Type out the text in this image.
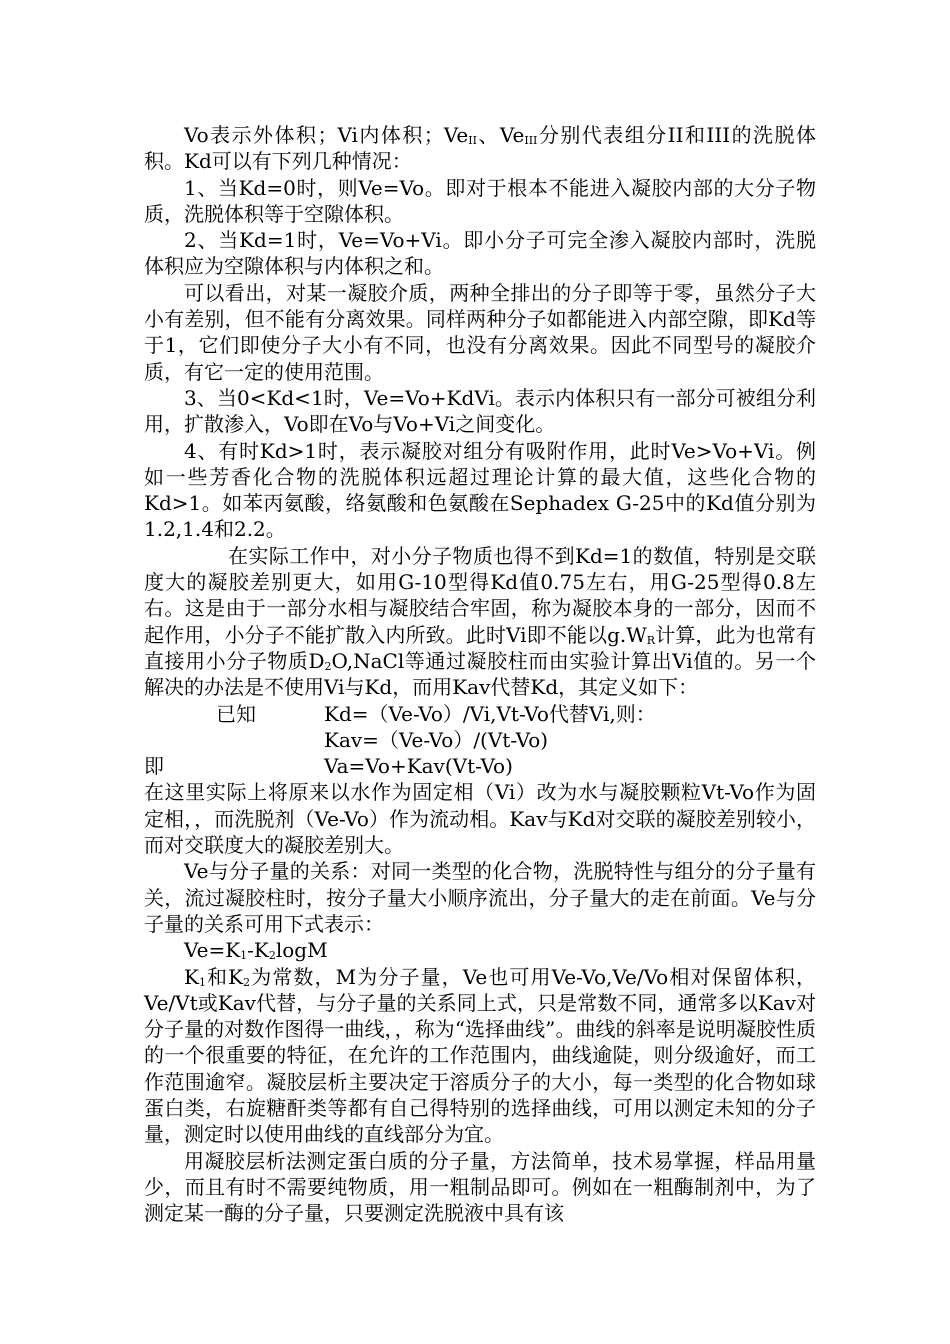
Vo表示外体积；Vi内体积；$Ve_{II}$、$Ve_{III}$分别代表组分II和III的洗脱体积。Kd可以有下列几种情况：

1、当Kd=0时，则Ve=Vo。即对于根本不能进入凝胶内部的大分子物质，洗脱体积等于空隙体积。

2、当Kd=1时，Ve=Vo+Vi。即小分子可完全渗入凝胶内部时，洗脱体积应为空隙体积与内体积之和。

可以看出，对某一凝胶介质，两种全排出的分子即等于零，虽然分子大小有差别，但不能有分离效果。同样两种分子如都能进入内部空隙，即Kd等于1，它们即使分子大小有不同，也没有分离效果。因此不同型号的凝胶介质，有它一定的使用范围。

3、当0<Kd<1时，Ve=Vo+KdVi。表示内体积只有一部分可被组分利用，扩散渗入，Vo即在Vo与Vo+Vi之间变化。

4、有时Kd>1时，表示凝胶对组分有吸附作用，此时Ve>Vo+Vi。例如一些芳香化合物的洗脱体积远超过理论计算的最大值，这些化合物的Kd>1。如苯丙氨酸，络氨酸和色氨酸在Sephadex G-25中的Kd值分别为1.2,1.4和2.2。

在实际工作中，对小分子物质也得不到Kd=1的数值，特别是交联度大的凝胶差别更大，如用G-10型得Kd值0.75左右，用G-25型得0.8左右。这是由于一部分水相与凝胶结合牢固，称为凝胶本身的一部分，因而不起作用，小分子不能扩散入内所致。此时Vi即不能以$g.W_R$计算，此为也常有直接用小分子物质$D_2O,NaCl$等通过凝胶柱而由实验计算出Vi值的。另一个解决的办法是不使用Vi与Kd，而用Kav代替Kd，其定义如下：

已知	Kd=（Ve-Vo）/Vi,Vt-Vo代替Vi,则：

Kav=（Ve-Vo）/(Vt-Vo)

即	Va=Vo+Kav(Vt-Vo)

在这里实际上将原来以水作为固定相（Vi）改为水与凝胶颗粒Vt-Vo作为固定相，，而洗脱剂（Ve-Vo）作为流动相。Kav与Kd对交联的凝胶差别较小，而对交联度大的凝胶差别大。

Ve与分子量的关系：对同一类型的化合物，洗脱特性与组分的分子量有关，流过凝胶柱时，按分子量大小顺序流出，分子量大的走在前面。Ve与分子量的关系可用下式表示：

$Ve=K_1-K_2\log M$

$K_1$和$K_2$为常数，M为分子量，Ve也可用Ve-Vo,Ve/Vo相对保留体积，Ve/Vt或Kav代替，与分子量的关系同上式，只是常数不同，通常多以Kav对分子量的对数作图得一曲线，，称为“选择曲线”。曲线的斜率是说明凝胶性质的一个很重要的特征，在允许的工作范围内，曲线逾陡，则分级逾好，而工作范围逾窄。凝胶层析主要决定于溶质分子的大小，每一类型的化合物如球蛋白类，右旋糖酐类等都有自己得特别的选择曲线，可用以测定未知的分子量，测定时以使用曲线的直线部分为宜。

用凝胶层析法测定蛋白质的分子量，方法简单，技术易掌握，样品用量少，而且有时不需要纯物质，用一粗制品即可。例如在一粗酶制剂中，为了测定某一酶的分子量，只要测定洗脱液中具有该
